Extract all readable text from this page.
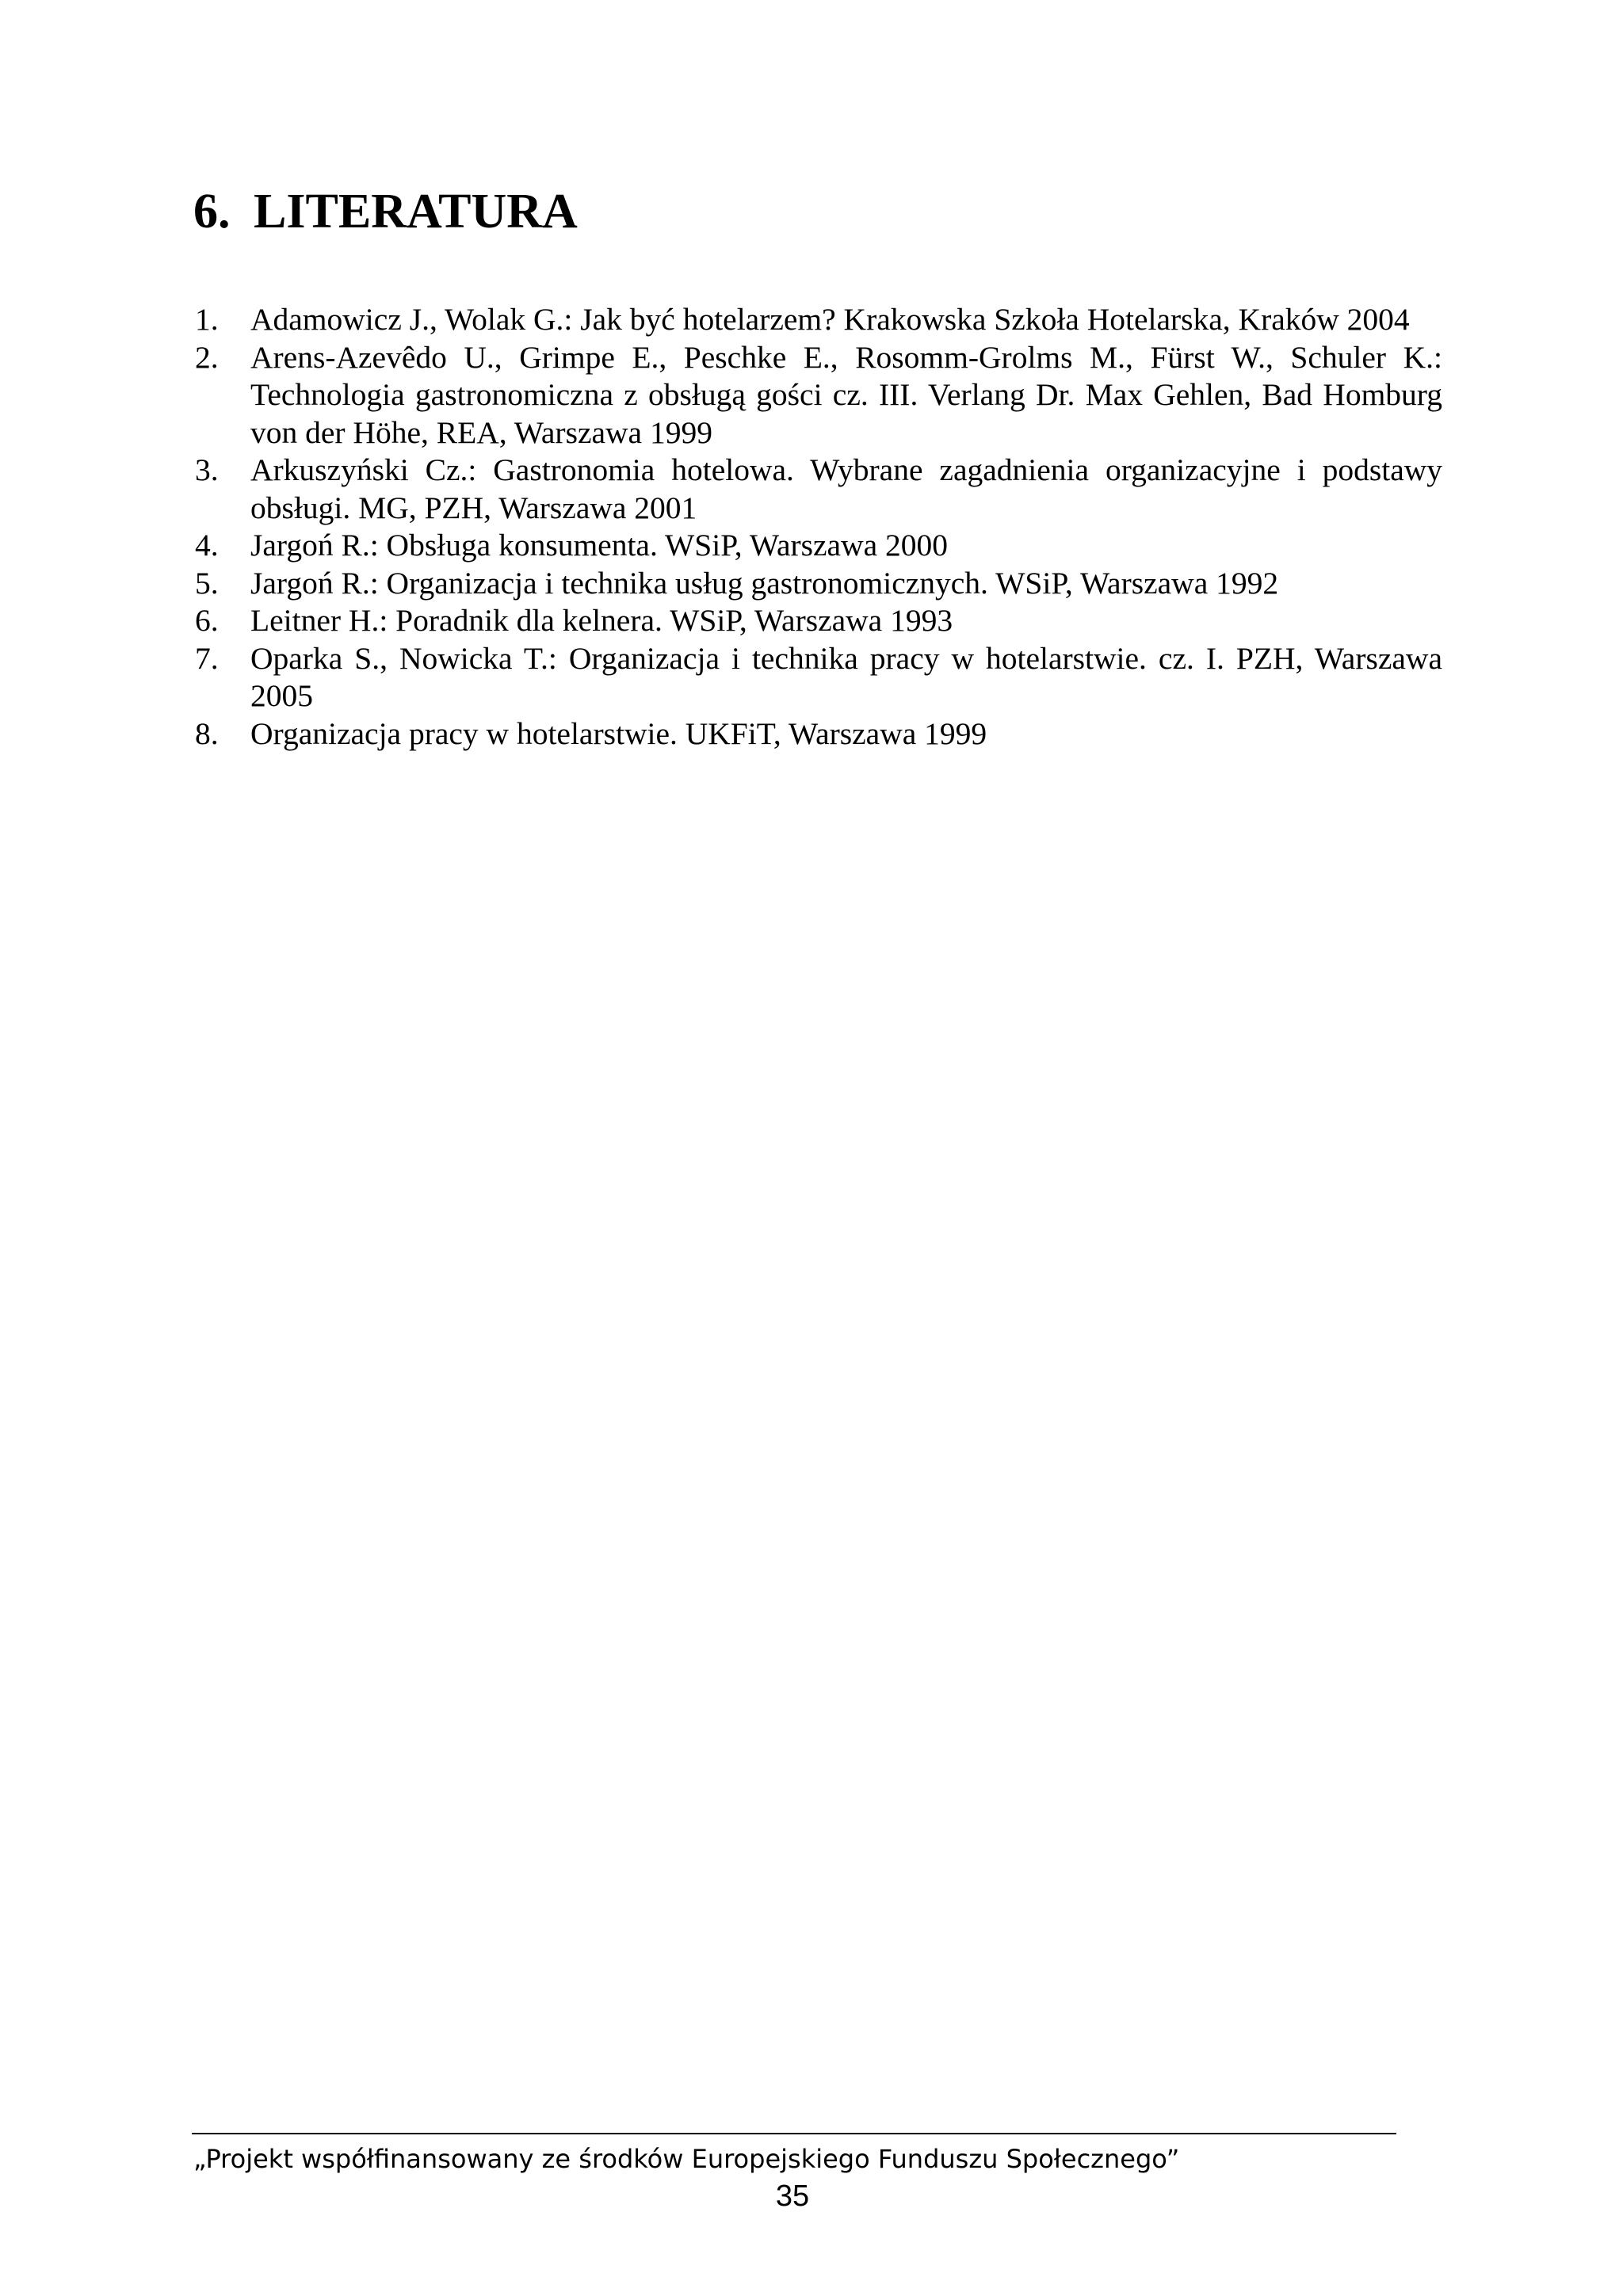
6. LITERATURA
1. Adamowicz J., Wolak G.: Jak być hotelarzem? Krakowska Szkoła Hotelarska, Kraków 2004
2. Arens-Azevêdo U., Grimpe E., Peschke E., Rosomm-Grolms M., Fürst W., Schuler K.: Technologia gastronomiczna z obsługą gości cz. III. Verlang Dr. Max Gehlen, Bad Homburg von der Höhe, REA, Warszawa 1999
3. Arkuszyński Cz.: Gastronomia hotelowa. Wybrane zagadnienia organizacyjne i podstawy obsługi. MG, PZH, Warszawa 2001
4. Jargoń R.: Obsługa konsumenta. WSiP, Warszawa 2000
5. Jargoń R.: Organizacja i technika usług gastronomicznych. WSiP, Warszawa 1992
6. Leitner H.: Poradnik dla kelnera. WSiP, Warszawa 1993
7. Oparka S., Nowicka T.: Organizacja i technika pracy w hotelarstwie. cz. I. PZH, Warszawa 2005
8. Organizacja pracy w hotelarstwie. UKFiT, Warszawa 1999

„Projekt współfinansowany ze środków Europejskiego Funduszu Społecznego”

35
